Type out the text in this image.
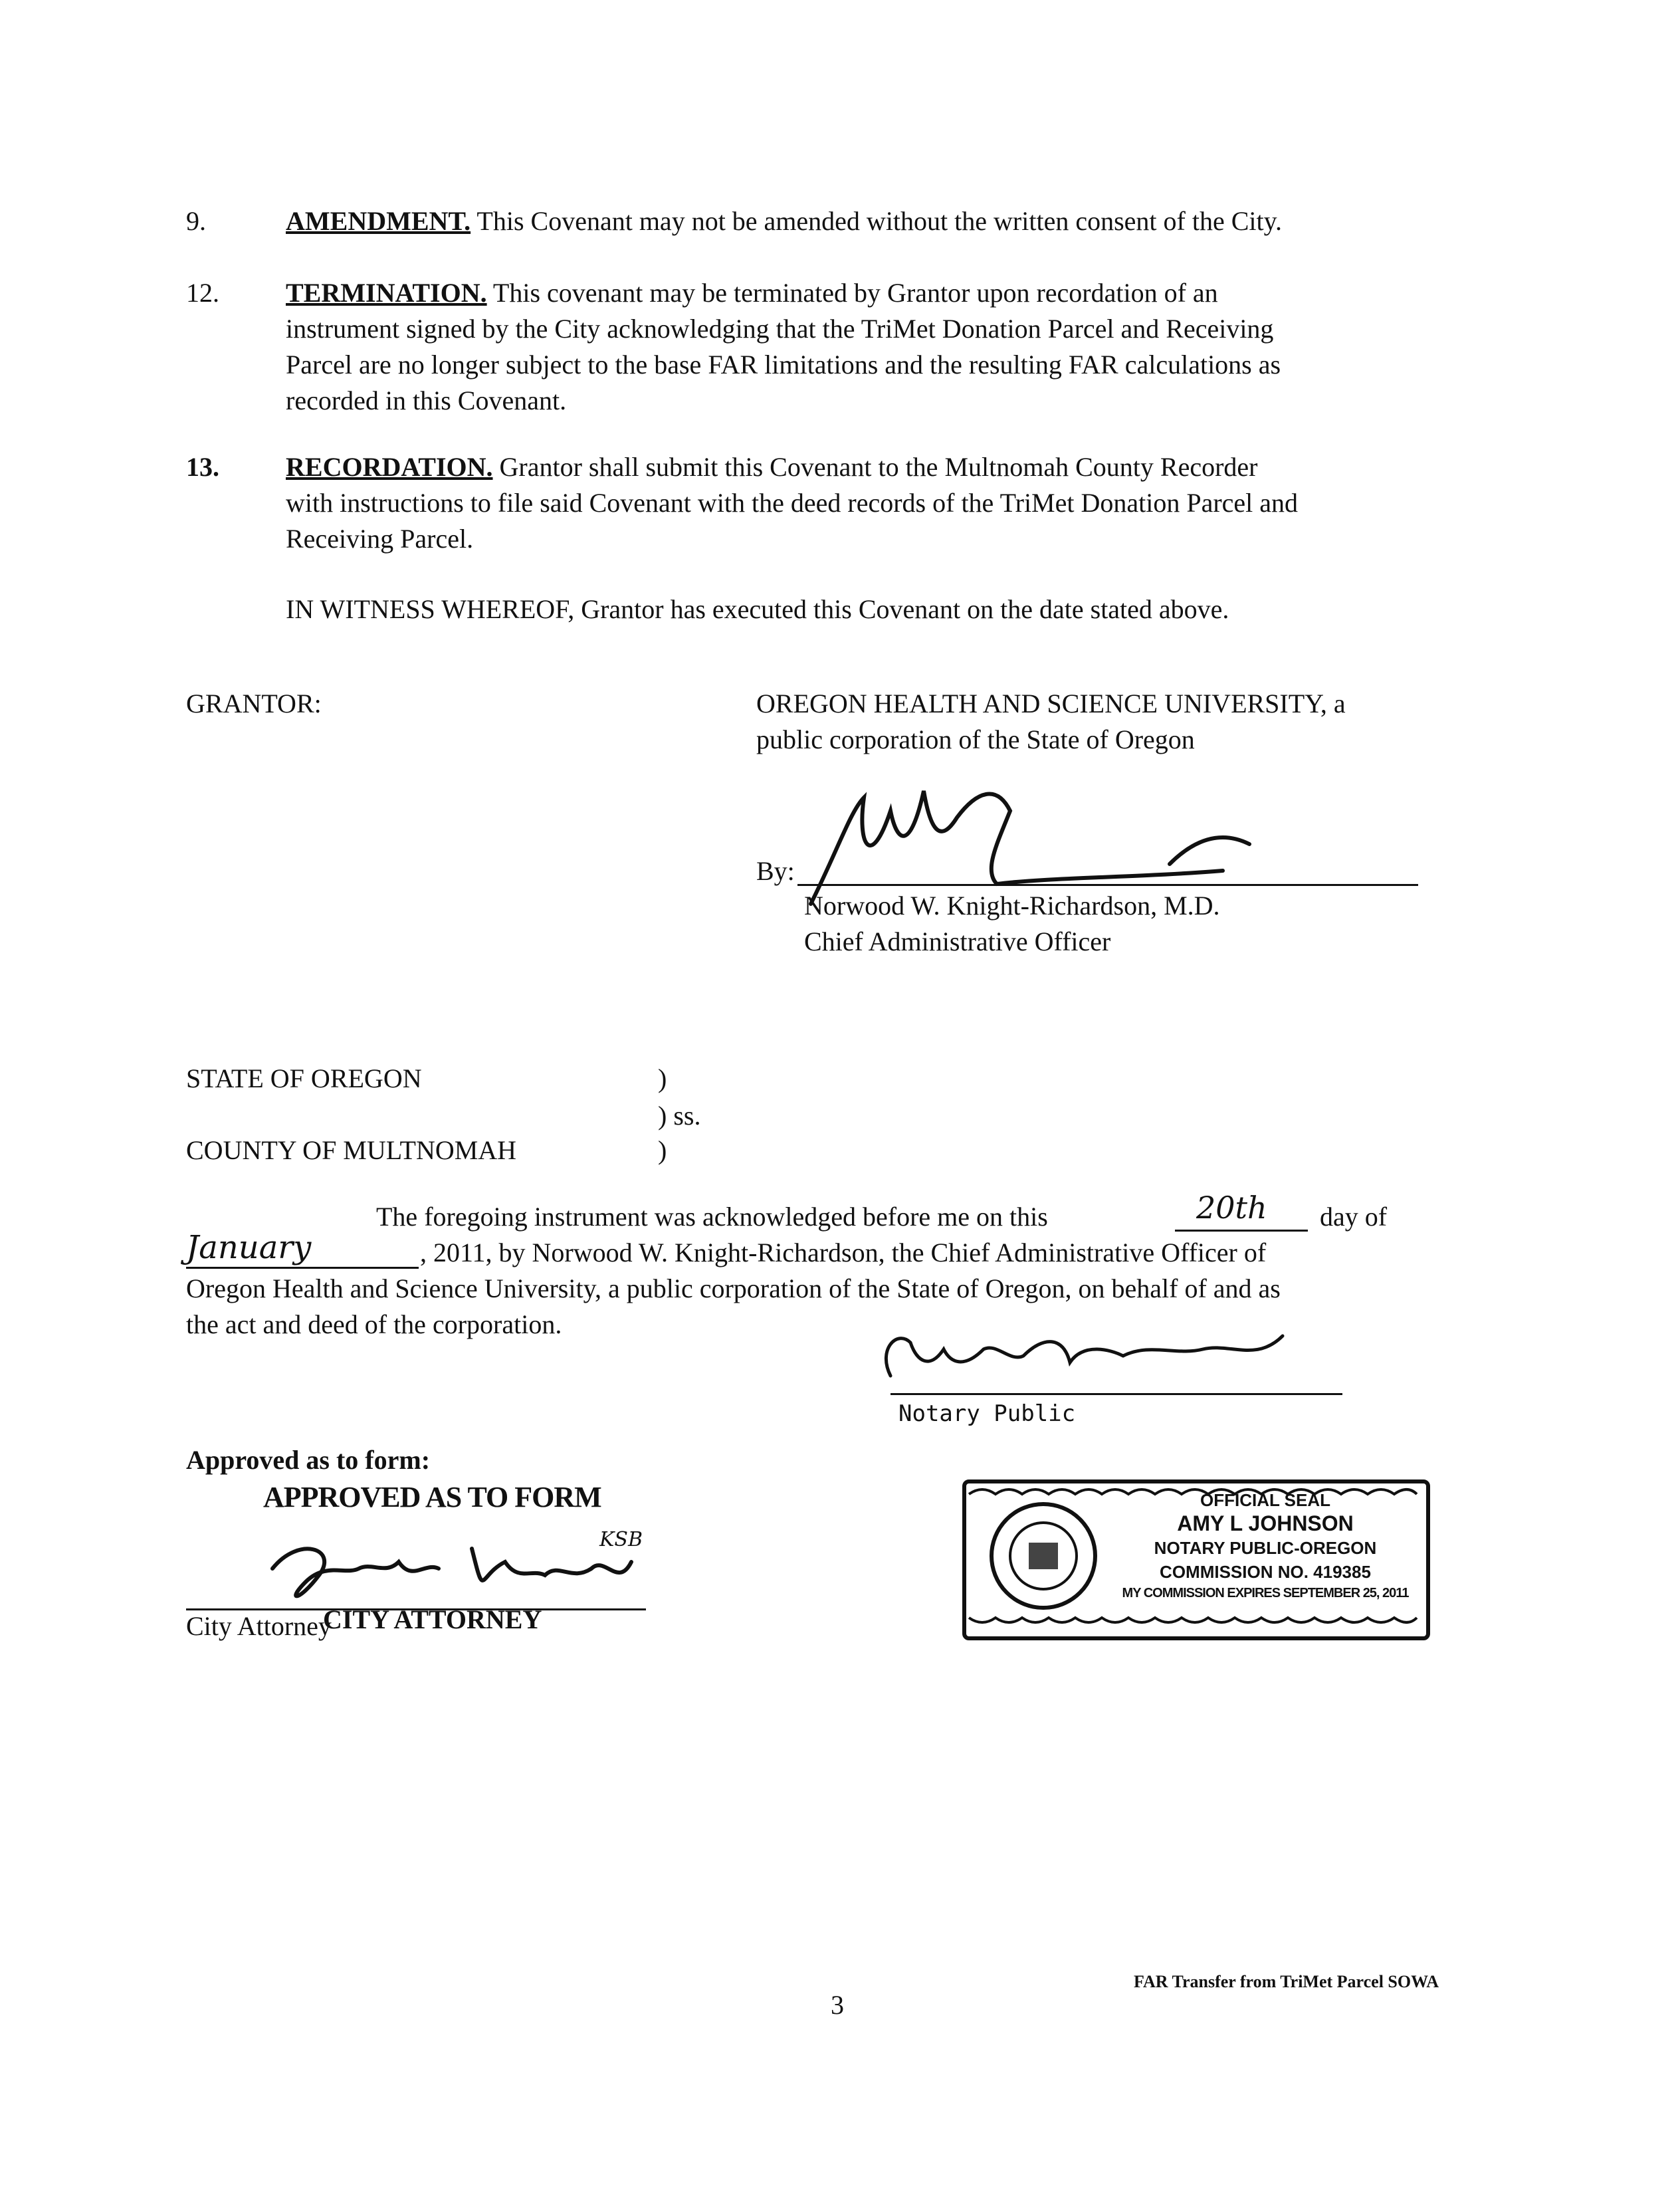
9.	AMENDMENT. This Covenant may not be amended without the written consent of the City.
12.	TERMINATION. This covenant may be terminated by Grantor upon recordation of an
instrument signed by the City acknowledging that the TriMet Donation Parcel and Receiving
Parcel are no longer subject to the base FAR limitations and the resulting FAR calculations as
recorded in this Covenant.
13.	RECORDATION. Grantor shall submit this Covenant to the Multnomah County Recorder
with instructions to file said Covenant with the deed records of the TriMet Donation Parcel and
Receiving Parcel.
IN WITNESS WHEREOF, Grantor has executed this Covenant on the date stated above.
GRANTOR:	OREGON HEALTH AND SCIENCE UNIVERSITY, a
public corporation of the State of Oregon
By:
Norwood W. Knight-Richardson, M.D.
Chief Administrative Officer
STATE OF OREGON	)
) ss.
COUNTY OF MULTNOMAH	)
The foregoing instrument was acknowledged before me on this	20th day of
January	, 2011, by Norwood W. Knight-Richardson, the Chief Administrative Officer of
Oregon Health and Science University, a public corporation of the State of Oregon, on behalf of and as
the act and deed of the corporation.
Notary Public
Approved as to form:
APPROVED AS TO FORM
KSB
City Attorney
CITY ATTORNEY
OFFICIAL SEAL
AMY L JOHNSON
NOTARY PUBLIC-OREGON
COMMISSION NO. 419385
MY COMMISSION EXPIRES SEPTEMBER 25, 2011
3
FAR Transfer from TriMet Parcel SOWA
